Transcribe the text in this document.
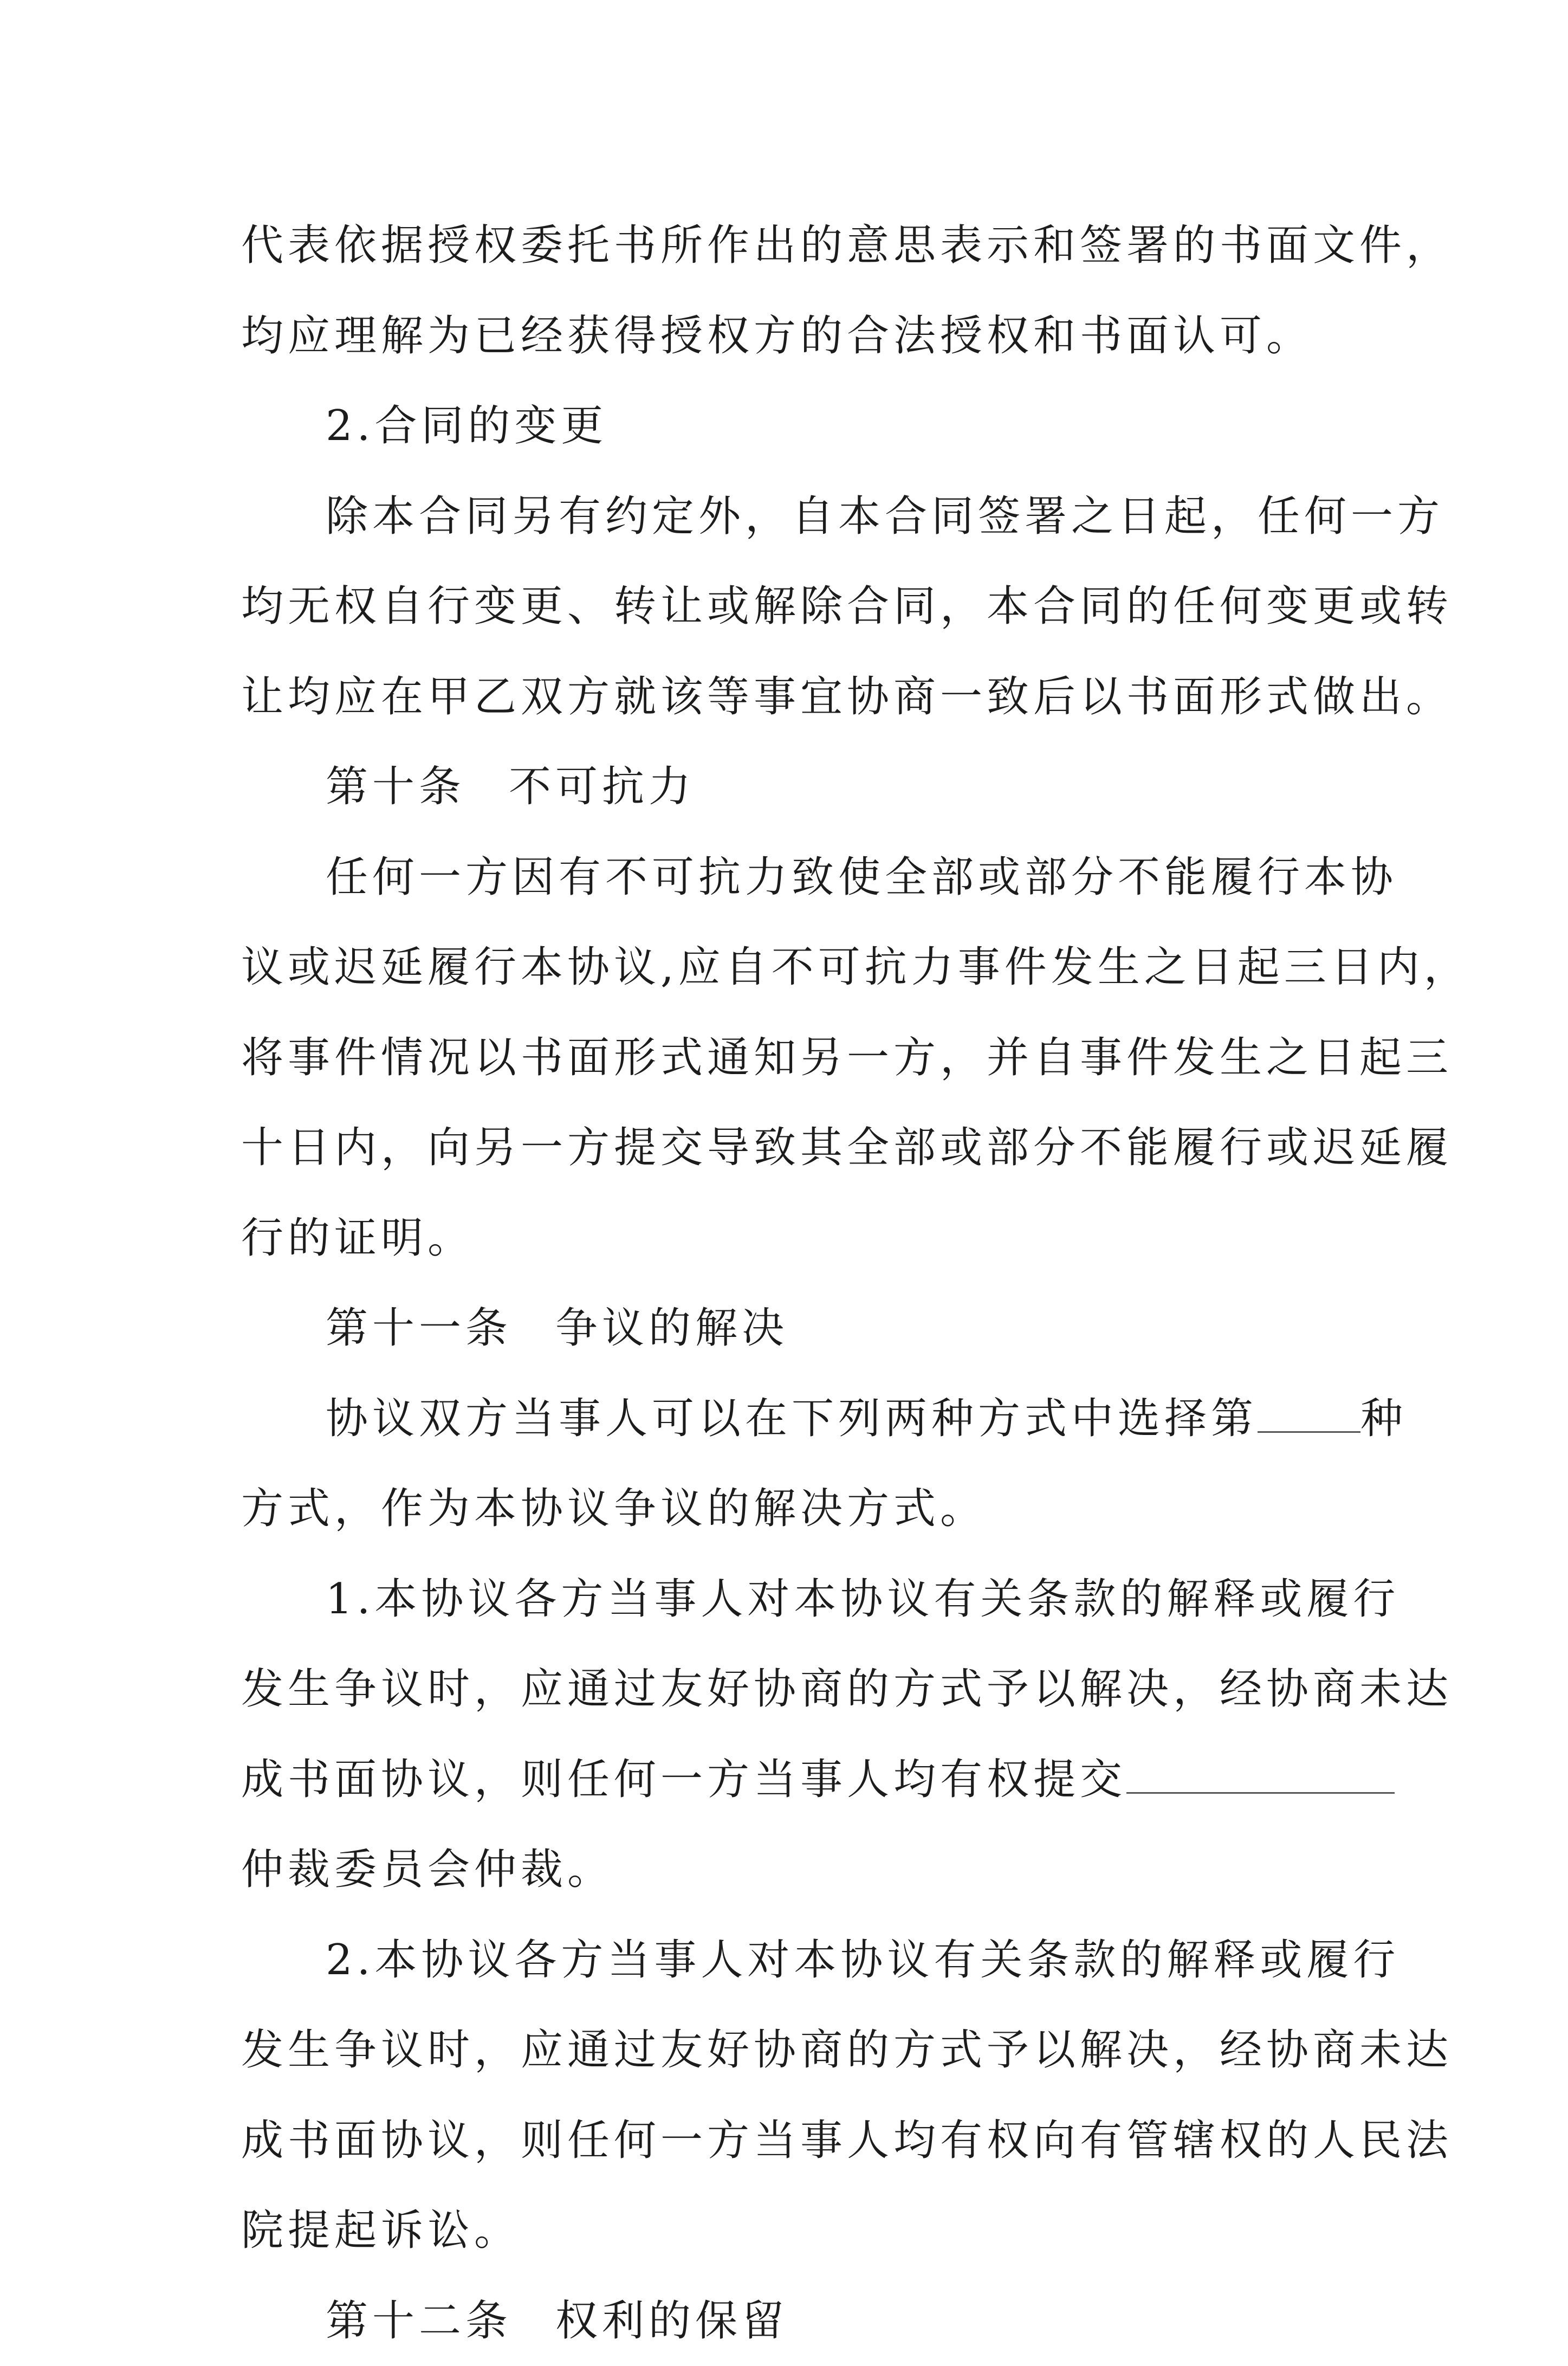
代表依据授权委托书所作出的意思表示和签署的书面文件，
均应理解为已经获得授权方的合法授权和书面认可。
2.合同的变更
除本合同另有约定外，自本合同签署之日起，任何一方
均无权自行变更、转让或解除合同，本合同的任何变更或转
让均应在甲乙双方就该等事宜协商一致后以书面形式做出。
第十条 不可抗力
任何一方因有不可抗力致使全部或部分不能履行本协
议或迟延履行本协议,应自不可抗力事件发生之日起三日内，
将事件情况以书面形式通知另一方，并自事件发生之日起三
十日内，向另一方提交导致其全部或部分不能履行或迟延履
行的证明。
第十一条 争议的解决
协议双方当事人可以在下列两种方式中选择第 种
方式，作为本协议争议的解决方式。
1.本协议各方当事人对本协议有关条款的解释或履行
发生争议时，应通过友好协商的方式予以解决，经协商未达
成书面协议，则任何一方当事人均有权提交
仲裁委员会仲裁。
2.本协议各方当事人对本协议有关条款的解释或履行
发生争议时，应通过友好协商的方式予以解决，经协商未达
成书面协议，则任何一方当事人均有权向有管辖权的人民法
院提起诉讼。
第十二条 权利的保留
